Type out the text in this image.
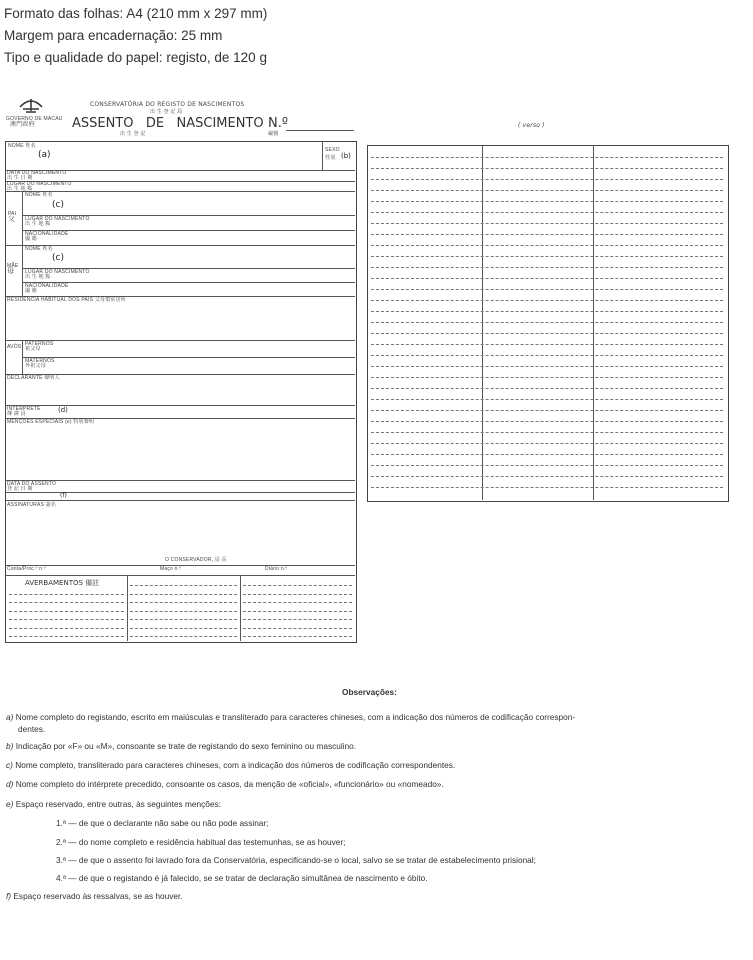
Formato das folhas: A4 (210 mm x 297 mm)
Margem para encadernação: 25 mm
Tipo e qualidade do papel: registo, de 120 g
GOVERNO DE MACAU
澳門政府
CONSERVATÓRIA DO REGISTO DE NASCIMENTOS
出 生 登 記 局
ASSENTO   DE   NASCIMENTO
出 生 登 記
N.º
編號
( verso )
NOME 姓名
(a)	SEXO
性別 (b)
DATA DO NASCIMENTO
出 生 日 期
LUGAR DO NASCIMENTO
出 生 地 點
PAI
父
NOME 姓名
(c)
LUGAR DO NASCIMENTO
出 生 地 點
NACIONALIDADE
國 籍
MÃE
母
NOME 姓名
(c)
LUGAR DO NASCIMENTO
出 生 地 點
NACIONALIDADE
國 籍
RESIDÊNCIA HABITUAL DOS PAIS 父母慣常居所
AVÓS PATERNOS
祖父母
MATERNOS
外祖父母
DECLARANTE 聲明人
INTÉRPRETE
傳 譯 員	(d)
MENÇÕES ESPECIAIS (e) 特別聲明
DATA DO ASSENTO
登 記 日 期
(f)
ASSINATURAS 簽名
O CONSERVADOR, 局 長
Conta/Proc.º n.º	Maço n.º	Diário n.º
AVERBAMENTOS 備註
Observações:
a) Nome completo do registando, escrito em maiúsculas e transliterado para caracteres chineses, com a indicação dos números de codificação correspon-
dentes.
b) Indicação por «F» ou «M», consoante se trate de registando do sexo feminino ou masculino.
c) Nome completo, transliterado para caracteres chineses, com a indicação dos números de codificação correspondentes.
d) Nome completo do intérprete precedido, consoante os casos, da menção de «oficial», «funcionário» ou «nomeado».
e) Espaço reservado, entre outras, às seguintes menções:
1.ª — de que o declarante não sabe ou não pode assinar;
2.ª — do nome completo e residência habitual das testemunhas, se as houver;
3.ª — de que o assento foi lavrado fora da Conservatória, especificando-se o local, salvo se se tratar de estabelecimento prisional;
4.ª — de que o registando é já falecido, se se tratar de declaração simultânea de nascimento e óbito.
f) Espaço reservado às ressalvas, se as houver.
